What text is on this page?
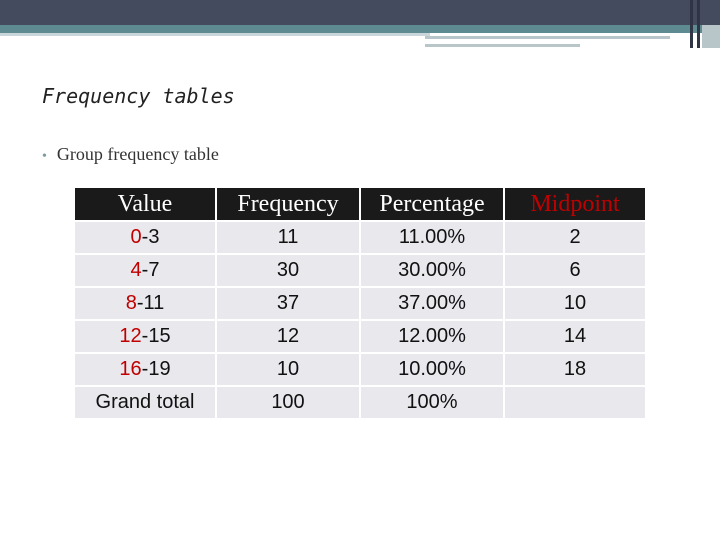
Frequency tables
• Group frequency table
Value	Frequency	Percentage	Midpoint
0-3	11	11.00%	2
4-7	30	30.00%	6
8-11	37	37.00%	10
12-15	12	12.00%	14
16-19	10	10.00%	18
Grand total	100	100%	
